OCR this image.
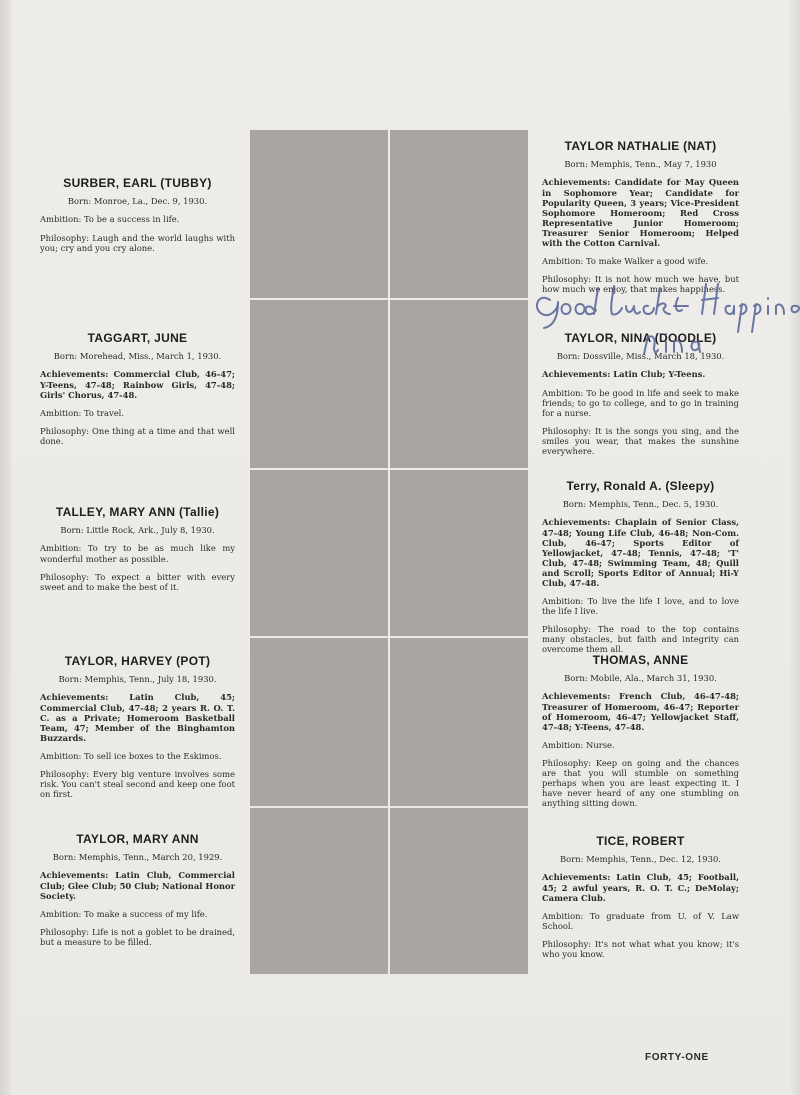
SURBER, EARL (TUBBY)
Born: Monroe, La., Dec. 9, 1930.
Ambition: To be a success in life.
Philosophy: Laugh and the world laughs with you; cry and you cry alone.
TAGGART, JUNE
Born: Morehead, Miss., March 1, 1930.
Achievements: Commercial Club, 46-47; Y-Teens, 47-48; Rainbow Girls, 47-48; Girls' Chorus, 47-48.
Ambition: To travel.
Philosophy: One thing at a time and that well done.
TALLEY, MARY ANN (Tallie)
Born: Little Rock, Ark., July 8, 1930.
Ambition: To try to be as much like my wonderful mother as possible.
Philosophy: To expect a bitter with every sweet and to make the best of it.
TAYLOR, HARVEY (POT)
Born: Memphis, Tenn., July 18, 1930.
Achievements: Latin Club, 45; Commercial Club, 47-48; 2 years R. O. T. C. as a Private; Homeroom Basketball Team, 47; Member of the Binghamton Buzzards.
Ambition: To sell ice boxes to the Eskimos.
Philosophy: Every big venture involves some risk. You can't steal second and keep one foot on first.
TAYLOR, MARY ANN
Born: Memphis, Tenn., March 20, 1929.
Achievements: Latin Club, Commercial Club; Glee Club; 50 Club; National Honor Society.
Ambition: To make a success of my life.
Philosophy: Life is not a goblet to be drained, but a measure to be filled.
TAYLOR NATHALIE (NAT)
Born: Memphis, Tenn., May 7, 1930
Achievements: Candidate for May Queen in Sophomore Year; Candidate for Popularity Queen, 3 years; Vice-President Sophomore Homeroom; Red Cross Representative Junior Homeroom; Treasurer Senior Homeroom; Helped with the Cotton Carnival.
Ambition: To make Walker a good wife.
Philosophy: It is not how much we have, but how much we enjoy, that makes happiness.
TAYLOR, NINA (DOODLE)
Born: Dossville, Miss., March 18, 1930.
Achievements: Latin Club; Y-Teens.
Ambition: To be good in life and seek to make friends; to go to college, and to go in training for a nurse.
Philosophy: It is the songs you sing, and the smiles you wear, that makes the sunshine everywhere.
Terry, Ronald A. (Sleepy)
Born: Memphis, Tenn., Dec. 5, 1930.
Achievements: Chaplain of Senior Class, 47-48; Young Life Club, 46-48; Non-Com. Club, 46-47; Sports Editor of Yellowjacket, 47-48; Tennis, 47-48; 'T' Club, 47-48; Swimming Team, 48; Quill and Scroll; Sports Editor of Annual; Hi-Y Club, 47-48.
Ambition: To live the life I love, and to love the life I live.
Philosophy: The road to the top contains many obstacles, but faith and integrity can overcome them all.
THOMAS, ANNE
Born: Mobile, Ala., March 31, 1930.
Achievements: French Club, 46-47-48; Treasurer of Homeroom, 46-47; Reporter of Homeroom, 46-47; Yellowjacket Staff, 47-48; Y-Teens, 47-48.
Ambition: Nurse.
Philosophy: Keep on going and the chances are that you will stumble on something perhaps when you are least expecting it. I have never heard of any one stumbling on anything sitting down.
TICE, ROBERT
Born: Memphis, Tenn., Dec. 12, 1930.
Achievements: Latin Club, 45; Football, 45; 2 awful years, R. O. T. C.; DeMolay; Camera Club.
Ambition: To graduate from U. of V. Law School.
Philosophy: It's not what what you know; it's who you know.
FORTY-ONE
